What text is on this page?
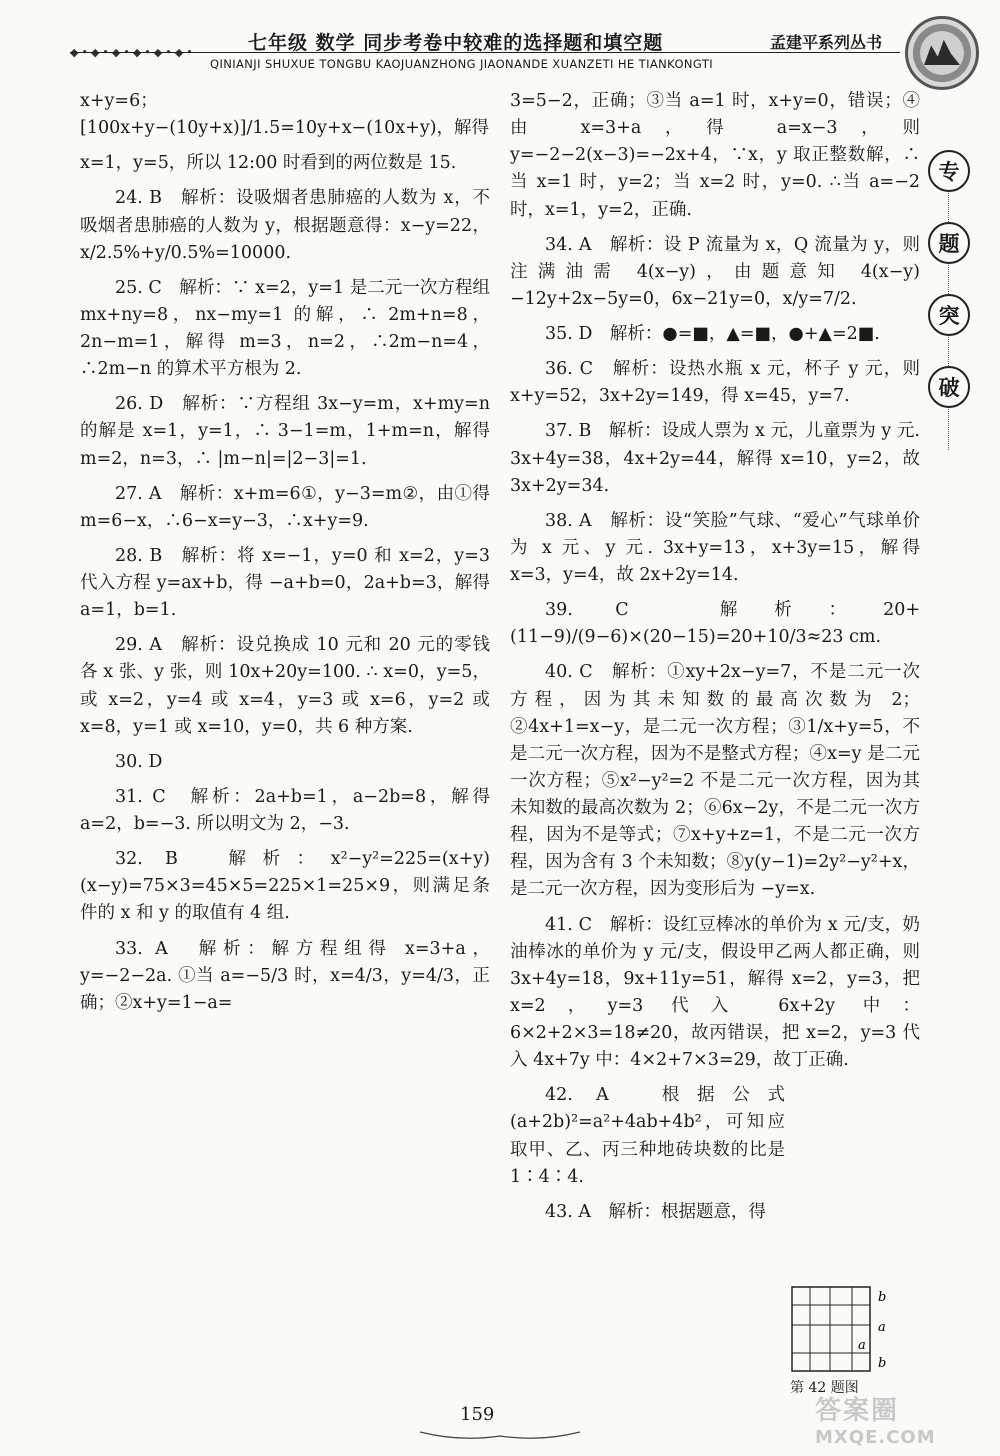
◆•◆•◆•◆•◆•◆•	七年级 数学 同步考卷中较难的选择题和填空题	孟建平系列丛书
QINIANJI SHUXUE TONGBU KAOJUANZHONG JIAONANDE XUANZETI HE TIANKONGTI
专
题
突
破

x+y=6；[100x+y−(10y+x)]/1.5=10y+x−(10x+y)，解得

x=1，y=5，所以 12:00 时看到的两位数是 15.

24. B　解析：设吸烟者患肺癌的人数为 x，不吸烟者患肺癌的人数为 y，根据题意得：x−y=22，x/2.5%+y/0.5%=10000.

25. C　解析：∵ x=2，y=1 是二元一次方程组 mx+ny=8，nx−my=1 的解，∴ 2m+n=8，2n−m=1，解得 m=3，n=2，∴2m−n=4，∴2m−n 的算术平方根为 2.

26. D　解析：∵方程组 3x−y=m，x+my=n 的解是 x=1，y=1，∴ 3−1=m，1+m=n，解得 m=2，n=3，∴ |m−n|=|2−3|=1.

27. A　解析：x+m=6①，y−3=m②，由①得 m=6−x，∴6−x=y−3，∴x+y=9.

28. B　解析：将 x=−1，y=0 和 x=2，y=3 代入方程 y=ax+b，得 −a+b=0，2a+b=3，解得 a=1，b=1.

29. A　解析：设兑换成 10 元和 20 元的零钱各 x 张、y 张，则 10x+20y=100. ∴ x=0，y=5，或 x=2，y=4 或 x=4，y=3 或 x=6，y=2 或 x=8，y=1 或 x=10，y=0，共 6 种方案.

30. D

31. C　解析：2a+b=1，a−2b=8，解得 a=2，b=−3. 所以明文为 2，−3.

32. B　解析：x²−y²=225=(x+y)(x−y)=75×3=45×5=225×1=25×9，则满足条件的 x 和 y 的取值有 4 组.

33. A　解析：解方程组得 x=3+a，y=−2−2a. ①当 a=−5/3 时，x=4/3，y=4/3，正确；②x+y=1−a=

3=5−2，正确；③当 a=1 时，x+y=0，错误；④由 x=3+a，得 a=x−3，则 y=−2−2(x−3)=−2x+4，∵x，y 取正整数解，∴当 x=1 时，y=2；当 x=2 时，y=0. ∴当 a=−2 时，x=1，y=2，正确.

34. A　解析：设 P 流量为 x，Q 流量为 y，则注满油需 4(x−y)，由题意知 4(x−y)−12y+2x−5y=0，6x−21y=0，x/y=7/2.

35. D　解析：●=■，▲=■，●+▲=2■.

36. C　解析：设热水瓶 x 元，杯子 y 元，则 x+y=52，3x+2y=149，得 x=45，y=7.

37. B　解析：设成人票为 x 元，儿童票为 y 元. 3x+4y=38，4x+2y=44，解得 x=10，y=2，故 3x+2y=34.

38. A　解析：设“笑脸”气球、“爱心”气球单价为 x 元、y 元. 3x+y=13，x+3y=15，解得 x=3，y=4，故 2x+2y=14.

39. C　解析：20+(11−9)/(9−6)×(20−15)=20+10/3≈23 cm.

40. C　解析：①xy+2x−y=7，不是二元一次方程，因为其未知数的最高次数为 2；②4x+1=x−y，是二元一次方程；③1/x+y=5，不是二元一次方程，因为不是整式方程；④x=y 是二元一次方程；⑤x²−y²=2 不是二元一次方程，因为其未知数的最高次数为 2；⑥6x−2y，不是二元一次方程，因为不是等式；⑦x+y+z=1，不是二元一次方程，因为含有 3 个未知数；⑧y(y−1)=2y²−y²+x，是二元一次方程，因为变形后为 −y=x.

41. C　解析：设红豆棒冰的单价为 x 元/支，奶油棒冰的单价为 y 元/支，假设甲乙两人都正确，则 3x+4y=18，9x+11y=51，解得 x=2，y=3，把 x=2，y=3 代入 6x+2y 中：6×2+2×3=18≠20，故丙错误，把 x=2，y=3 代入 4x+7y 中：4×2+7×3=29，故丁正确.

42. A　根据公式 (a+2b)²=a²+4ab+4b²，可知应取甲、乙、丙三种地砖块数的比是 1∶4∶4.

43. A　解析：根据题意，得

b
a
a
b
第 42 题图
159	答案圈
MXQE.COM
